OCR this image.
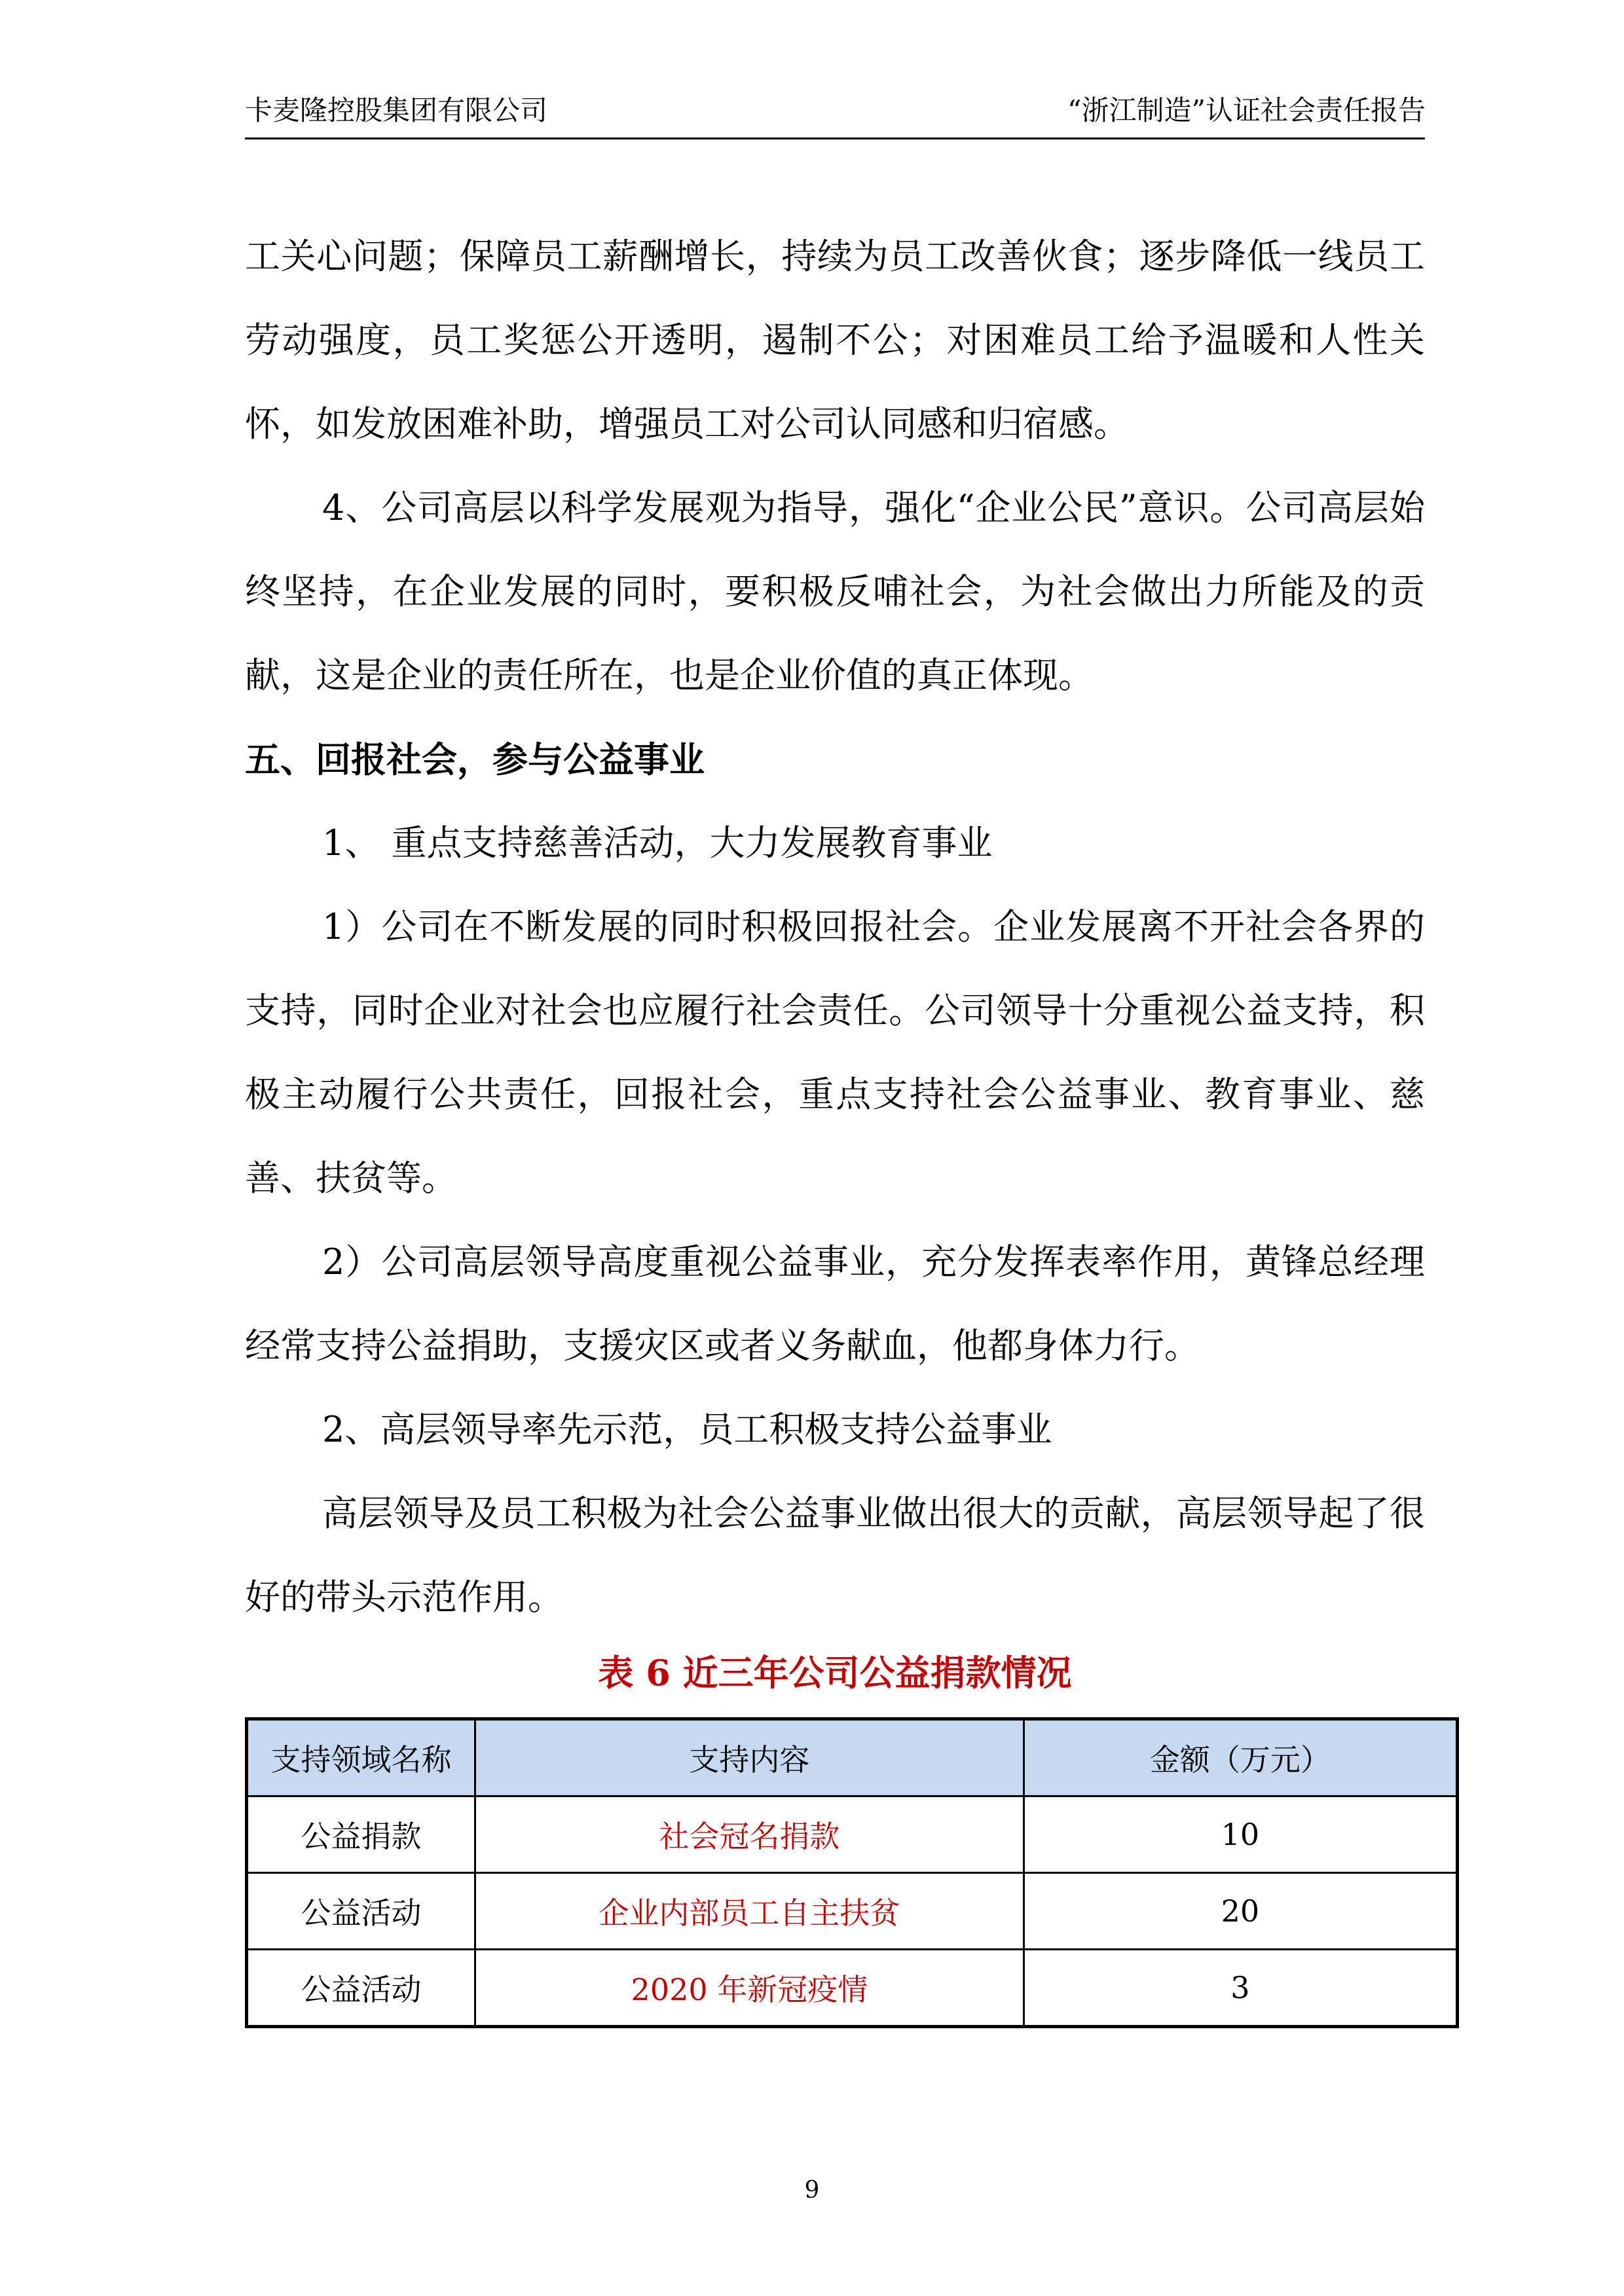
卡麦隆控股集团有限公司	“浙江制造”认证社会责任报告

工关心问题；保障员工薪酬增长，持续为员工改善伙食；逐步降低一线员工劳动强度，员工奖惩公开透明，遏制不公；对困难员工给予温暖和人性关怀，如发放困难补助，增强员工对公司认同感和归宿感。

4、公司高层以科学发展观为指导，强化“企业公民”意识。公司高层始终坚持，在企业发展的同时，要积极反哺社会，为社会做出力所能及的贡献，这是企业的责任所在，也是企业价值的真正体现。

五、回报社会，参与公益事业

1、 重点支持慈善活动，大力发展教育事业

1）公司在不断发展的同时积极回报社会。企业发展离不开社会各界的支持，同时企业对社会也应履行社会责任。公司领导十分重视公益支持，积极主动履行公共责任，回报社会，重点支持社会公益事业、教育事业、慈善、扶贫等。

2）公司高层领导高度重视公益事业，充分发挥表率作用，黄锋总经理经常支持公益捐助，支援灾区或者义务献血，他都身体力行。

2、高层领导率先示范，员工积极支持公益事业

高层领导及员工积极为社会公益事业做出很大的贡献，高层领导起了很好的带头示范作用。

表 6 近三年公司公益捐款情况
支持领域名称	支持内容	金额（万元）
公益捐款	社会冠名捐款	10
公益活动	企业内部员工自主扶贫	20
公益活动	2020 年新冠疫情	3
9
